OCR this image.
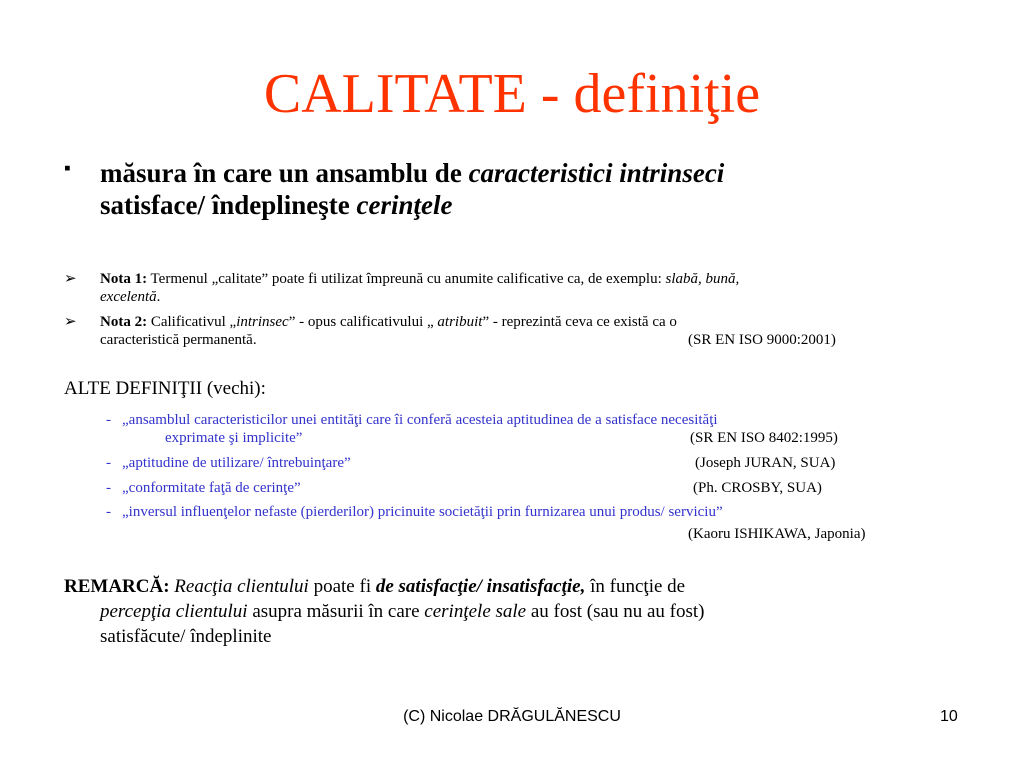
CALITATE - definiţie
▪ măsura în care un ansamblu de caracteristici intrinseci
satisface/ îndeplineşte cerinţele
➢ Nota 1: Termenul „calitate” poate fi utilizat împreună cu anumite calificative ca, de exemplu: slabă, bună,
excelentă.
➢ Nota 2: Calificativul „intrinsec” - opus calificativului „ atribuit” - reprezintă ceva ce există ca o
caracteristică permanentă.	(SR EN ISO 9000:2001)
ALTE DEFINIŢII (vechi):
- „ansamblul caracteristicilor unei entităţi care îi conferă acesteia aptitudinea de a satisface necesităţi
exprimate şi implicite”	(SR EN ISO 8402:1995)
- „aptitudine de utilizare/ întrebuinţare”	(Joseph JURAN, SUA)
- „conformitate faţă de cerinţe”	(Ph. CROSBY, SUA)
- „inversul influenţelor nefaste (pierderilor) pricinuite societăţii prin furnizarea unui produs/ serviciu”
(Kaoru ISHIKAWA, Japonia)
REMARCĂ: Reacţia clientului poate fi de satisfacţie/ insatisfacţie, în funcţie de
percepţia clientului asupra măsurii în care cerinţele sale au fost (sau nu au fost)
satisfăcute/ îndeplinite
(C) Nicolae DRĂGULĂNESCU	10
